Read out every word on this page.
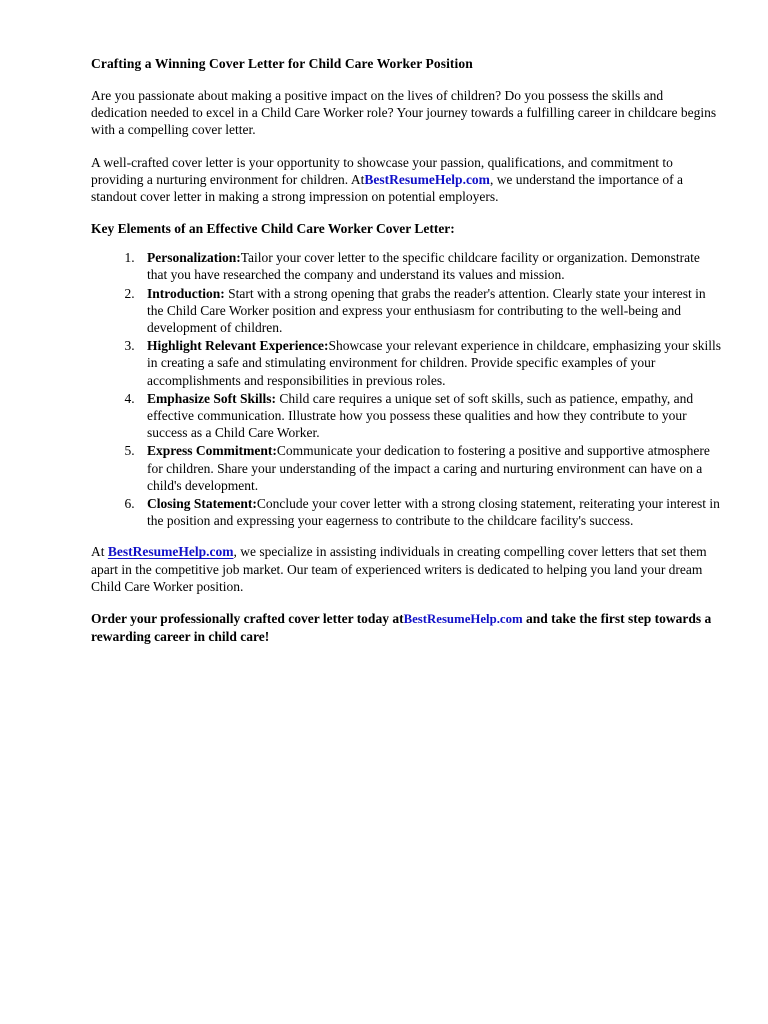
Crafting a Winning Cover Letter for Child Care Worker Position

Are you passionate about making a positive impact on the lives of children? Do you possess the skills and dedication needed to excel in a Child Care Worker role? Your journey towards a fulfilling career in childcare begins with a compelling cover letter.

A well-crafted cover letter is your opportunity to showcase your passion, qualifications, and commitment to providing a nurturing environment for children. AtBestResumeHelp.com, we understand the importance of a standout cover letter in making a strong impression on potential employers.

Key Elements of an Effective Child Care Worker Cover Letter:
1. Personalization:Tailor your cover letter to the specific childcare facility or organization. Demonstrate that you have researched the company and understand its values and mission.
2. Introduction: Start with a strong opening that grabs the reader's attention. Clearly state your interest in the Child Care Worker position and express your enthusiasm for contributing to the well-being and development of children.
3. Highlight Relevant Experience:Showcase your relevant experience in childcare, emphasizing your skills in creating a safe and stimulating environment for children. Provide specific examples of your accomplishments and responsibilities in previous roles.
4. Emphasize Soft Skills: Child care requires a unique set of soft skills, such as patience, empathy, and effective communication. Illustrate how you possess these qualities and how they contribute to your success as a Child Care Worker.
5. Express Commitment:Communicate your dedication to fostering a positive and supportive atmosphere for children. Share your understanding of the impact a caring and nurturing environment can have on a child's development.
6. Closing Statement:Conclude your cover letter with a strong closing statement, reiterating your interest in the position and expressing your eagerness to contribute to the childcare facility's success.

At BestResumeHelp.com, we specialize in assisting individuals in creating compelling cover letters that set them apart in the competitive job market. Our team of experienced writers is dedicated to helping you land your dream Child Care Worker position.

Order your professionally crafted cover letter today atBestResumeHelp.com and take the first step towards a rewarding career in child care!
